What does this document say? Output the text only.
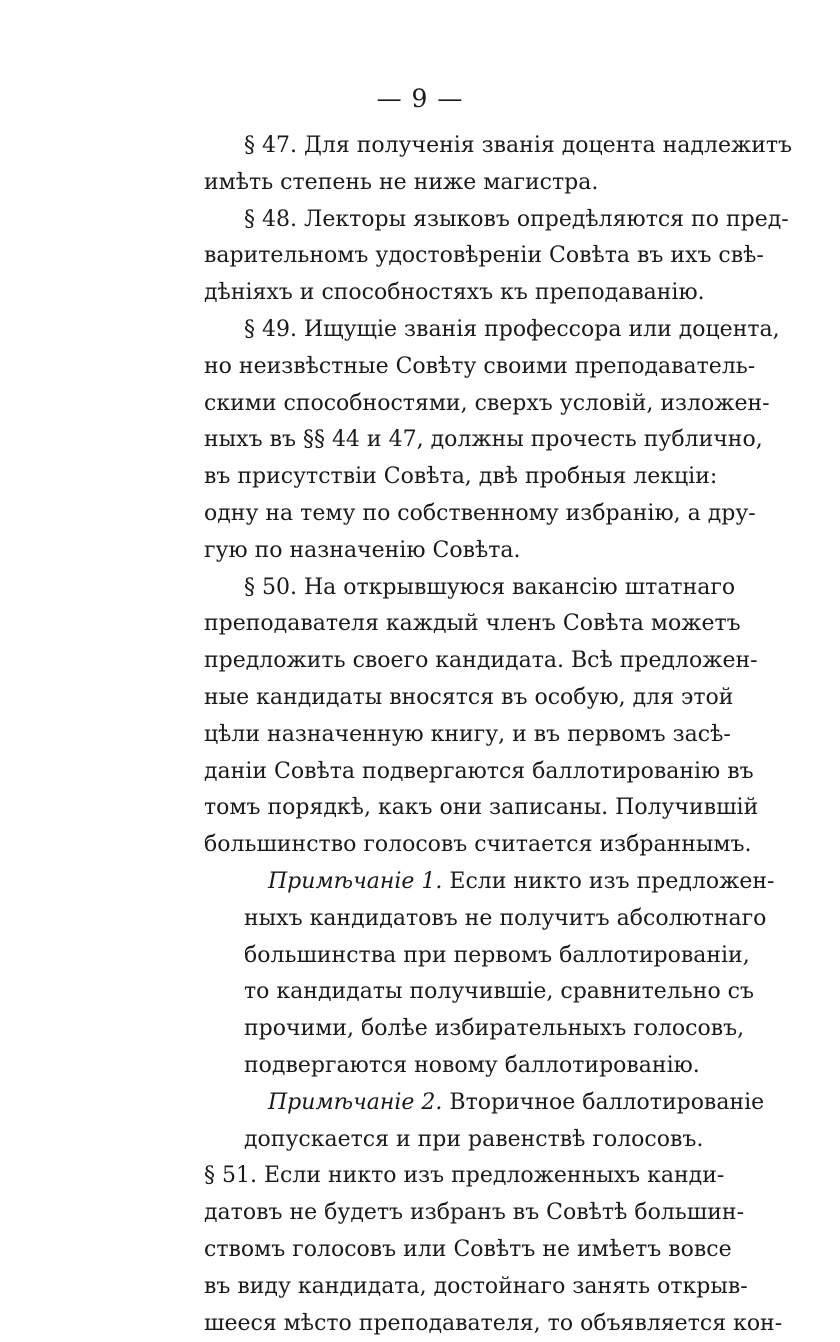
— 9 —
§ 47. Для полученія званія доцента надлежитъ
имѣть степень не ниже магистра.
§ 48. Лекторы языковъ опредѣляются по пред-
варительномъ удостовѣреніи Совѣта въ ихъ свѣ-
дѣніяхъ и способностяхъ къ преподаванію.
§ 49. Ищущіе званія профессора или доцента,
но неизвѣстные Совѣту своими преподаватель-
скими способностями, сверхъ условій, изложен-
ныхъ въ §§ 44 и 47, должны прочесть публично,
въ присутствіи Совѣта, двѣ пробныя лекціи:
одну на тему по собственному избранію, а дру-
гую по назначенію Совѣта.
§ 50. На открывшуюся вакансію штатнаго
преподавателя каждый членъ Совѣта можетъ
предложить своего кандидата. Всѣ предложен-
ные кандидаты вносятся въ особую, для этой
цѣли назначенную книгу, и въ первомъ засѣ-
даніи Совѣта подвергаются баллотированію въ
томъ порядкѣ, какъ они записаны. Получившій
большинство голосовъ считается избраннымъ.
Примѣчаніе 1. Если никто изъ предложен-
ныхъ кандидатовъ не получитъ абсолютнаго
большинства при первомъ баллотированіи,
то кандидаты получившіе, сравнительно съ
прочими, болѣе избирательныхъ голосовъ,
подвергаются новому баллотированію.
Примѣчаніе 2. Вторичное баллотированіе
допускается и при равенствѣ голосовъ.
§ 51. Если никто изъ предложенныхъ канди-
датовъ не будетъ избранъ въ Совѣтѣ большин-
ствомъ голосовъ или Совѣтъ не имѣетъ вовсе
въ виду кандидата, достойнаго занять открыв-
шееся мѣсто преподавателя, то объявляется кон-
